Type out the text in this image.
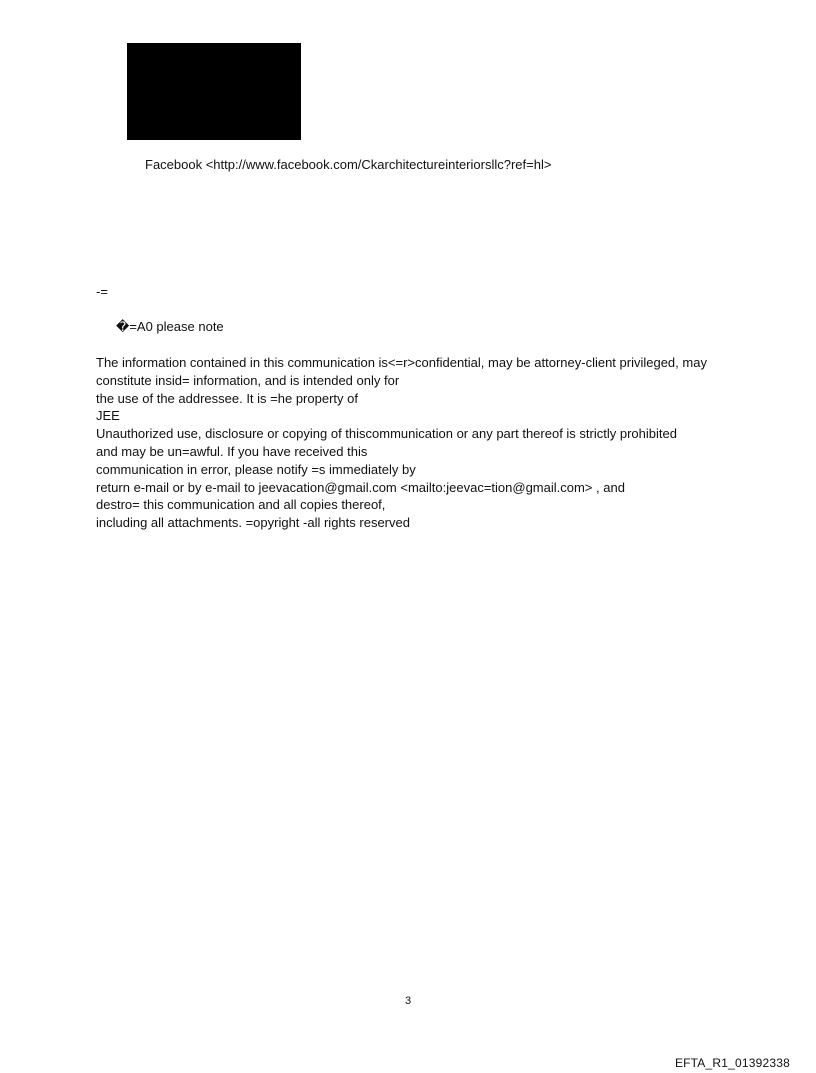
Facebook <http://www.facebook.com/Ckarchitectureinteriorsllc?ref=hl>
-=
�=A0 please note
The information contained in this communication is<=r>confidential, may be attorney-client privileged, may
constitute insid= information, and is intended only for
the use of the addressee. It is =he property of
JEE
Unauthorized use, disclosure or copying of thiscommunication or any part thereof is strictly prohibited
and may be un=awful. If you have received this
communication in error, please notify =s immediately by
return e-mail or by e-mail to jeevacation@gmail.com <mailto:jeevac=tion@gmail.com> , and
destro= this communication and all copies thereof,
including all attachments. =opyright -all rights reserved
3
EFTA_R1_01392338
